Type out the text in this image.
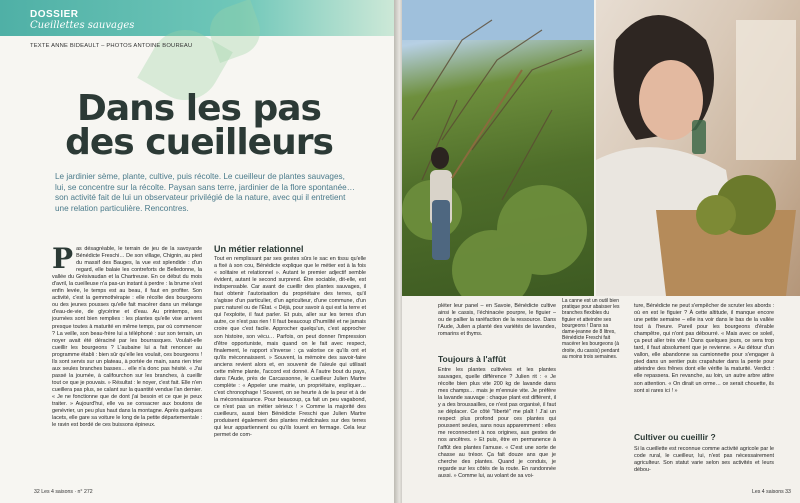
DOSSIER
Cueillettes sauvages
TEXTE ANNE BIDEAULT – PHOTOS ANTOINE BOUREAU
Dans les pas
des cueilleurs

Le jardinier sème, plante, cultive, puis récolte. Le cueilleur de plantes sauvages, lui, se concentre sur la récolte. Paysan sans terre, jardinier de la flore spontanée… son activité fait de lui un observateur privilégié de la nature, avec qui il entretient une relation particulière. Rencontres.

P as désagréable, le terrain de jeu de la savoyarde Bénédicte Freschi… De son village, Chignin, au pied du massif des Bauges, la vue est splendide : d'un regard, elle balaie les contreforts de Belledonne, la vallée du Grésivaudan et la Chartreuse. En ce début du mois d'avril, la cueilleuse n'a pas-un instant à perdre : la brume s'est enfin levée, le temps est au beau, il faut en profiter. Son activité, c'est la gemmothérapie : elle récolte des bourgeons ou des jeunes pousses qu'elle fait macérer dans un mélange d'eau-de-vie, de glycérine et d'eau. Au printemps, ses journées sont bien remplies : les plantes qu'elle vise arrivent presque toutes à maturité en même temps, par où commencer ? La veille, son beau-frère lui a téléphoné : sur son terrain, un noyer avait été déraciné par les bourrasques. Voulait-elle cueillir les bourgeons ? L'aubaine lui a fait renoncer au programme établi : bien sûr qu'elle les voulait, ces bourgeons ! Ils sont servis sur un plateau, à portée de main, sans rien trier aux seules branches basses… elle n'a donc pas hésité. « J'ai passé la journée, à califourchon sur les branches, à cueillir tout ce que je pouvais. » Résultat : le noyer, c'est fait. Elle n'en cueillera pas plus, se calant sur la quantité vendue l'an dernier. « Je ne fonctionne que de dont j'ai besoin et ce que je peux traiter. » Aujourd'hui, elle va se consacrer aux boutons de genévrier, un peu plus haut dans la montagne. Après quelques lacets, elle gare sa voiture le long de la petite départementale : le ravin est bordé de ces buissons épineux.
Un métier relationnel
Tout en remplissant par ses gestes sûrs le sac en tissu qu'elle a fixé à son cou, Bénédicte explique que le métier est à la fois « solitaire et relationnel ». Autant le premier adjectif semble évident, autant le second surprend. Être sociable, dit-elle, est indispensable. Car avant de cueillir des plantes sauvages, il faut obtenir l'autorisation du propriétaire des terres, qu'il s'agisse d'un particulier, d'un agriculteur, d'une commune, d'un parc naturel ou de l'État. « Déjà, pour savoir à qui est la terre et qui l'exploite, il faut parler. Et puis, aller sur les terres d'un autre, ce n'est pas rien ! Il faut beaucoup d'humilité et ne jamais croire que c'est facile. Approcher quelqu'un, c'est approcher son histoire, son vécu… Parfois, on peut donner l'impression d'être opportuniste, mais quand on le fait avec respect, finalement, le rapport s'inverse : ça valorise ce qu'ils ont et qu'ils méconnaissent. » Souvent, la mémoire des savoir-faire anciens revient alors et, en souvenir de l'aïeule qui utilisait cette même plante, l'accord est donné. À l'autre bout du pays, dans l'Aude, près de Carcassonne, le cueilleur Julien Martre complète : « Appeler une mairie, un propriétaire, expliquer… c'est chronophage ! Souvent, on se heurte à de la peur et à de la méconnaissance. Pour beaucoup, ça fait un peu vagabond, ce n'est pas un métier sérieux ! » Comme la majorité des cueilleurs, aussi bien Bénédicte Freschi que Julien Martre produisent également des plantes médicinales sur des terres qui leur appartiennent ou qu'ils louent en fermage. Cela leur permet de com-
32 Les 4 saisons · n° 272
La canne est un outil bien pratique pour abaisser les branches flexibles du figuier et atteindre ses bourgeons ! Dans sa dame-jeanne de 8 litres, Bénédicte Freschi fait macérer les bourgeons (à droite, du cassis) pendant au moins trois semaines.
pléter leur panel – en Savoie, Bénédicte cultive ainsi le cassis, l'échinacée pourpre, le figuier – ou de pallier la raréfaction de la ressource. Dans l'Aude, Julien a planté des variétés de lavandes, romarins et thyms.
Toujours à l'affût
Entre les plantes cultivées et les plantes sauvages, quelle différence ? Julien rit : « Je récolte bien plus vite 200 kg de lavande dans mes champs… mais je m'ennuie vite. Je préfère la lavande sauvage : chaque plant est différent, il y a des broussailles, ce n'est pas organisé, il faut se déplacer. Ce côté "liberté" me plaît ! J'ai un respect plus profond pour ces plantes qui poussent seules, sans nous apparemment : elles me reconnectent à nos origines, aux gestes de nos ancêtres. » Et puis, être en permanence à l'affût des plantes l'amuse. « C'est une sorte de chasse au trésor. Ça fait douze ans que je cherche des plantes. Quand je conduis, je regarde sur les côtés de la route. En randonnée aussi. » Comme lui, au volant de sa voi-
ture, Bénédicte ne peut s'empêcher de scruter les abords : où en est le figuier ? À cette altitude, il manque encore une petite semaine – elle ira voir dans le bas de la vallée tout à l'heure. Pareil pour les bourgeons d'érable champêtre, qui n'ont pas débourré. « Mais avec ce soleil, ça peut aller très vite ! Dans quelques jours, ce sera trop tard, il faut absolument que je revienne. » Au détour d'un vallon, elle abandonne sa camionnette pour s'engager à pied dans un sentier puis crapahuter dans la pente pour atteindre des frênes dont elle vérifie la maturité. Verdict : elle repassera. En revanche, au loin, un autre arbre attire son attention. « On dirait un orme… ce serait chouette, ils sont si rares ici ! »
Cultiver ou cueillir ?
Si la cueillette est reconnue comme activité agricole par le code rural, le cueilleur, lui, n'est pas nécessairement agriculteur. Son statut varie selon ses activités et leurs débou-
Les 4 saisons 33
